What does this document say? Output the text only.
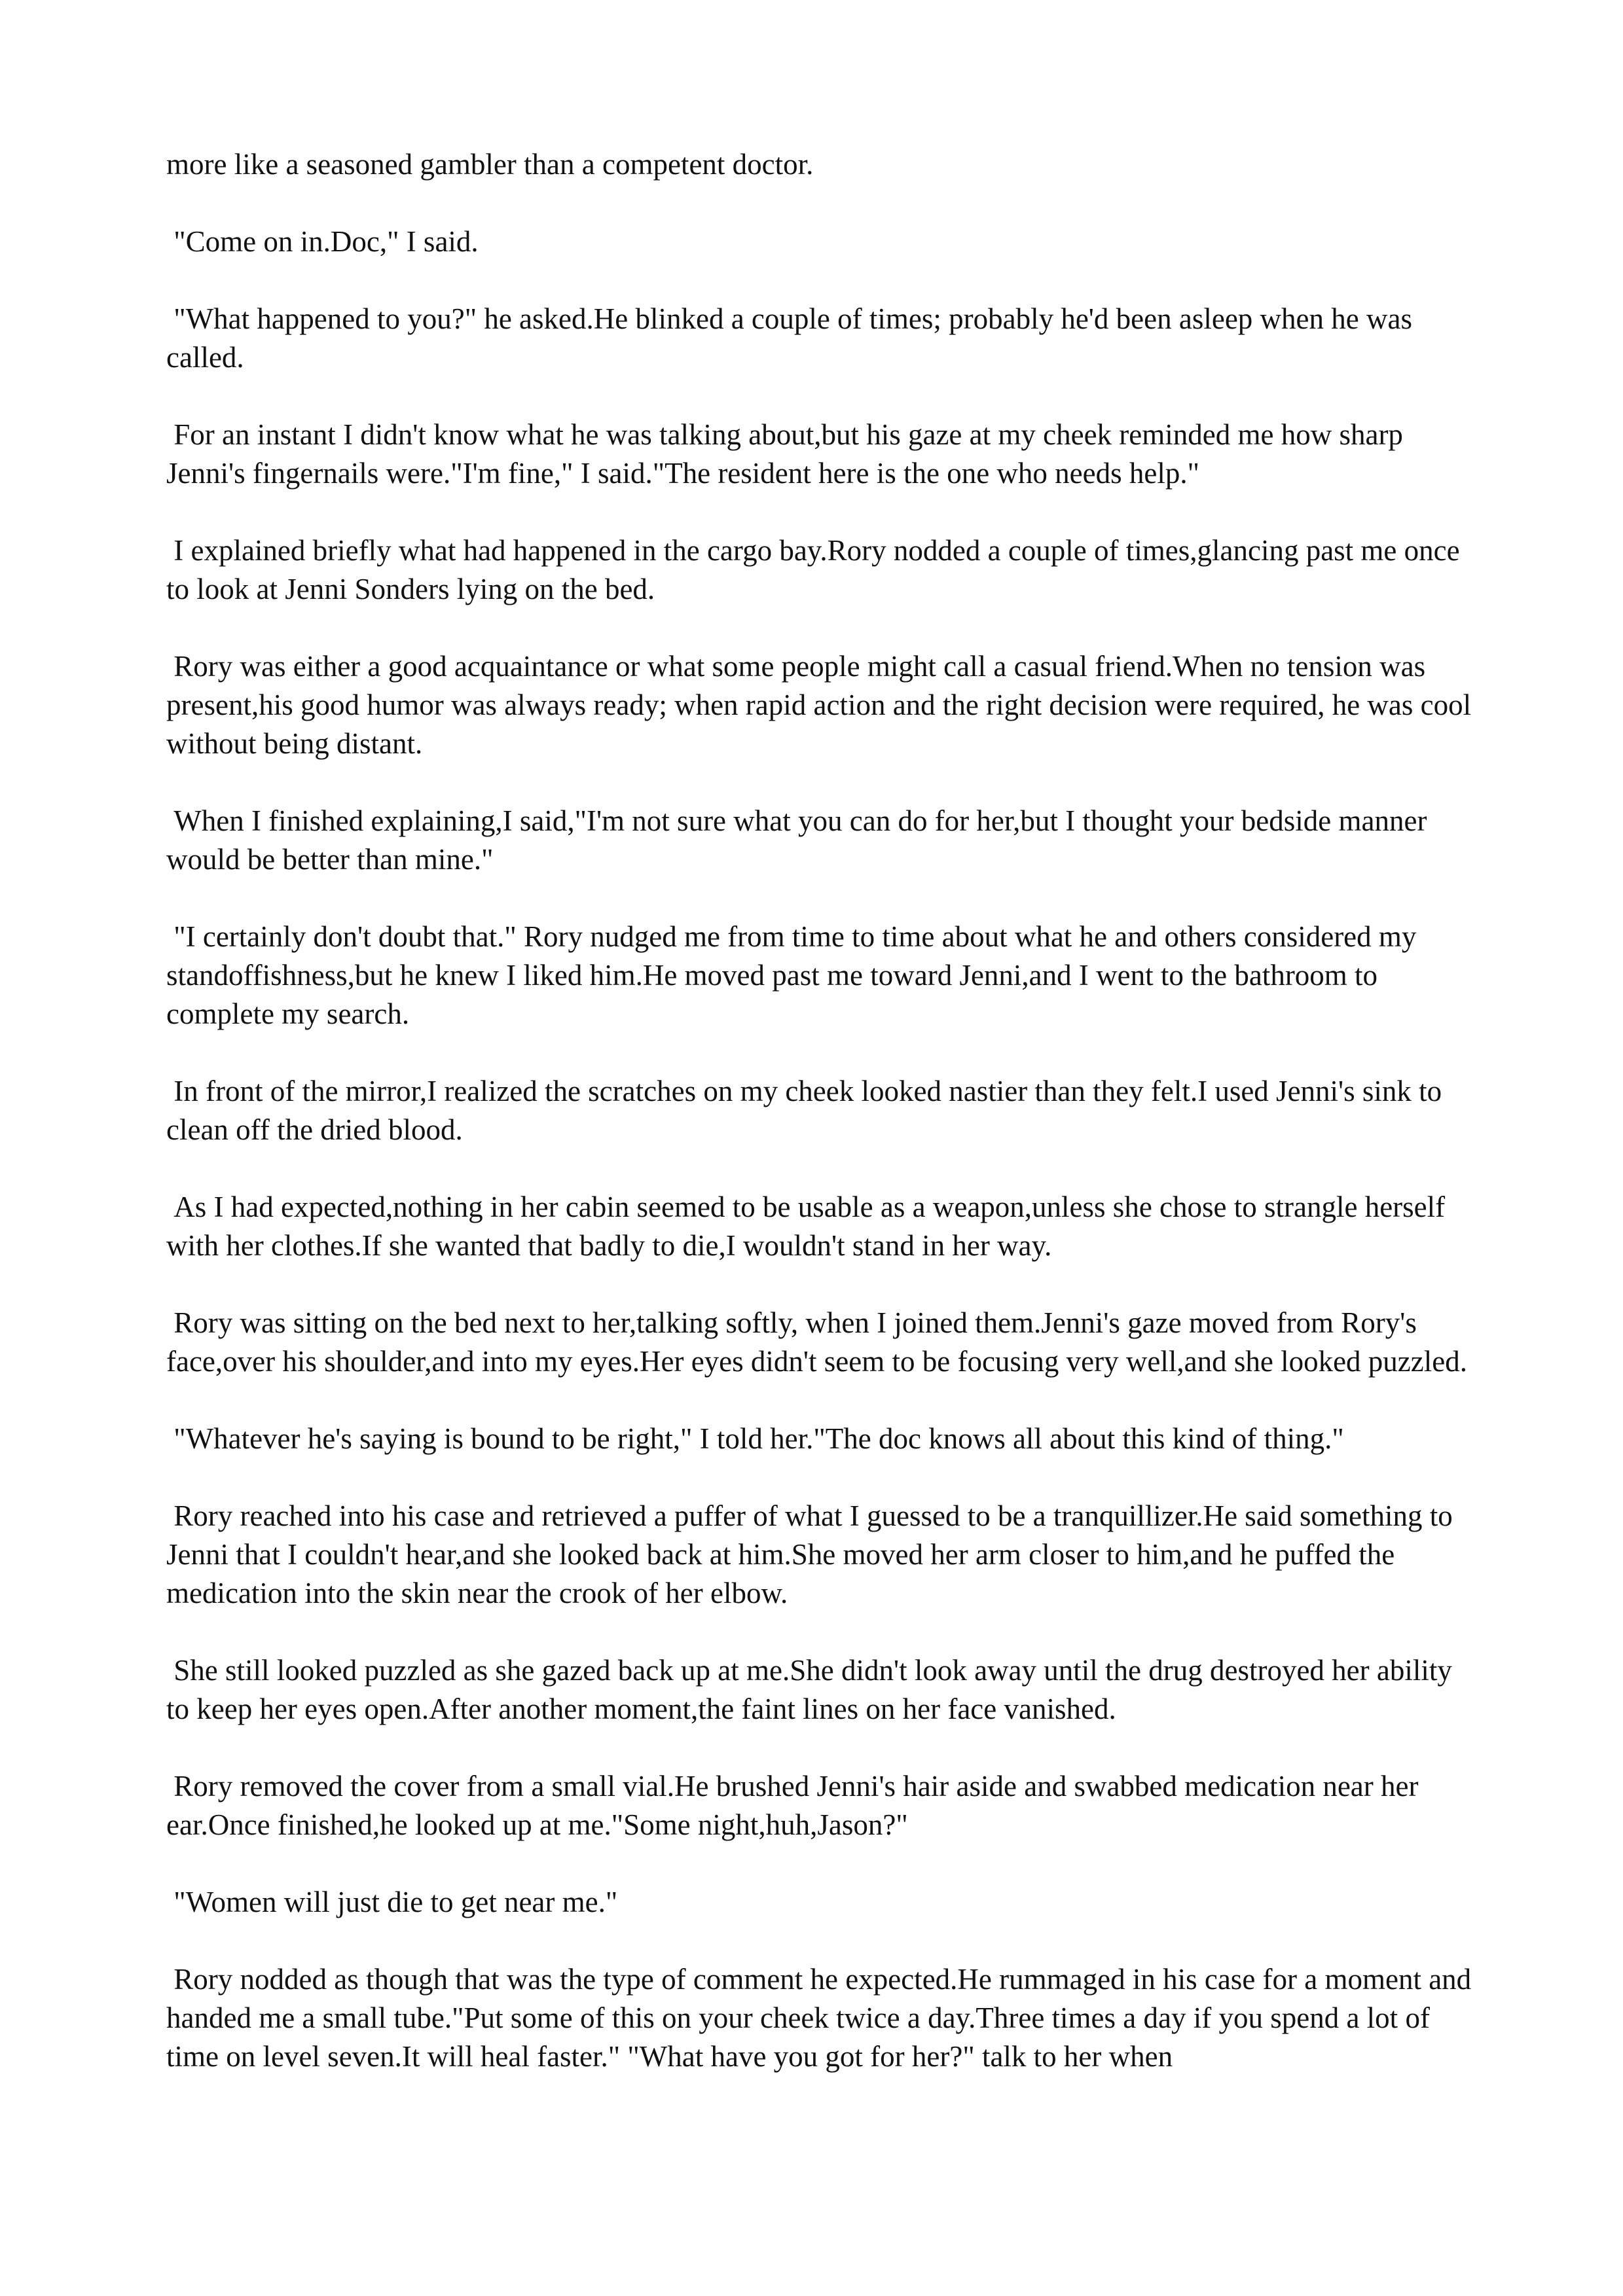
more like a seasoned gambler than a competent doctor.

"Come on in.Doc," I said.

"What happened to you?" he asked.He blinked a couple of times; probably he'd been asleep when he was called.

For an instant I didn't know what he was talking about,but his gaze at my cheek reminded me how sharp Jenni's fingernails were."I'm fine," I said."The resident here is the one who needs help."

I explained briefly what had happened in the cargo bay.Rory nodded a couple of times,glancing past me once to look at Jenni Sonders lying on the bed.

Rory was either a good acquaintance or what some people might call a casual friend.When no tension was present,his good humor was always ready; when rapid action and the right decision were required, he was cool without being distant.

When I finished explaining,I said,"I'm not sure what you can do for her,but I thought your bedside manner would be better than mine."

"I certainly don't doubt that." Rory nudged me from time to time about what he and others considered my standoffishness,but he knew I liked him.He moved past me toward Jenni,and I went to the bathroom to complete my search.

In front of the mirror,I realized the scratches on my cheek looked nastier than they felt.I used Jenni's sink to clean off the dried blood.

As I had expected,nothing in her cabin seemed to be usable as a weapon,unless she chose to strangle herself with her clothes.If she wanted that badly to die,I wouldn't stand in her way.

Rory was sitting on the bed next to her,talking softly, when I joined them.Jenni's gaze moved from Rory's face,over his shoulder,and into my eyes.Her eyes didn't seem to be focusing very well,and she looked puzzled.

"Whatever he's saying is bound to be right," I told her."The doc knows all about this kind of thing."

Rory reached into his case and retrieved a puffer of what I guessed to be a tranquillizer.He said something to Jenni that I couldn't hear,and she looked back at him.She moved her arm closer to him,and he puffed the medication into the skin near the crook of her elbow.

She still looked puzzled as she gazed back up at me.She didn't look away until the drug destroyed her ability to keep her eyes open.After another moment,the faint lines on her face vanished.

Rory removed the cover from a small vial.He brushed Jenni's hair aside and swabbed medication near her ear.Once finished,he looked up at me."Some night,huh,Jason?"

"Women will just die to get near me."

Rory nodded as though that was the type of comment he expected.He rummaged in his case for a moment and handed me a small tube."Put some of this on your cheek twice a day.Three times a day if you spend a lot of time on level seven.It will heal faster." "What have you got for her?" talk to her when
